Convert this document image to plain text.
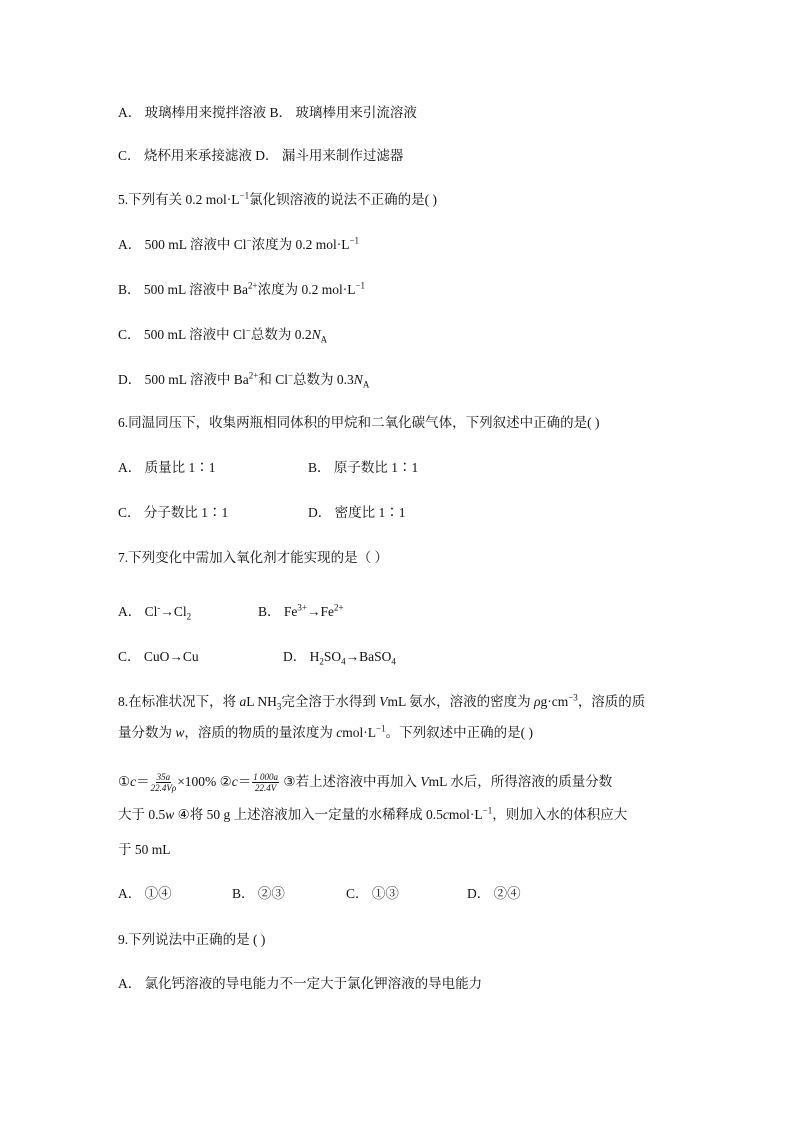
A． 玻璃棒用来搅拌溶液 B． 玻璃棒用来引流溶液
C． 烧杯用来承接滤液 D． 漏斗用来制作过滤器
5.下列有关 0.2 $mol\cdot L^{-1}$氯化钡溶液的说法不正确的是( )
A． 500 mL 溶液中 Cl−浓度为 0.2 $mol\cdot L^{-1}$
B． 500 mL 溶液中 $Ba^{2+}$浓度为 0.2 $mol\cdot L^{-1}$
C． 500 mL 溶液中 Cl−总数为 $0.2N_A$
D． 500 mL 溶液中 $Ba^{2+}$和 Cl−总数为 $0.3N_A$
6.同温同压下，收集两瓶相同体积的甲烷和二氧化碳气体，下列叙述中正确的是( )
A． 质量比 1∶1	B． 原子数比 1∶1
C． 分子数比 1∶1	D． 密度比 1∶1
7.下列变化中需加入氧化剂才能实现的是（ ）
A． $Cl^-\to Cl_2$	B． $Fe^{3+}\to Fe^{2+}$
C． CuO→Cu	D． $H_2SO_4\to BaSO_4$
8.在标准状况下，将 aL $NH_3$完全溶于水得到 VmL 氨水，溶液的密度为 $\rho g\cdot cm^{-3}$，溶质的质
量分数为 w，溶质的物质的量浓度为 $cmol\cdot L^{-1}$。下列叙述中正确的是( )
①c＝ $\frac{35a}{22.4V\rho} \times 100\%$ ②c＝ $\frac{1 000a}{22.4V}$ ③若上述溶液中再加入 VmL 水后，所得溶液的质量分数
大于 0.5w ④将 50 g 上述溶液加入一定量的水稀释成 $0.5cmol\cdot L^{-1}$，则加入水的体积应大
于 50 mL
A． ①④	B． ②③	C． ①③	D． ②④
9.下列说法中正确的是 ( )
A． 氯化钙溶液的导电能力不一定大于氯化钾溶液的导电能力
